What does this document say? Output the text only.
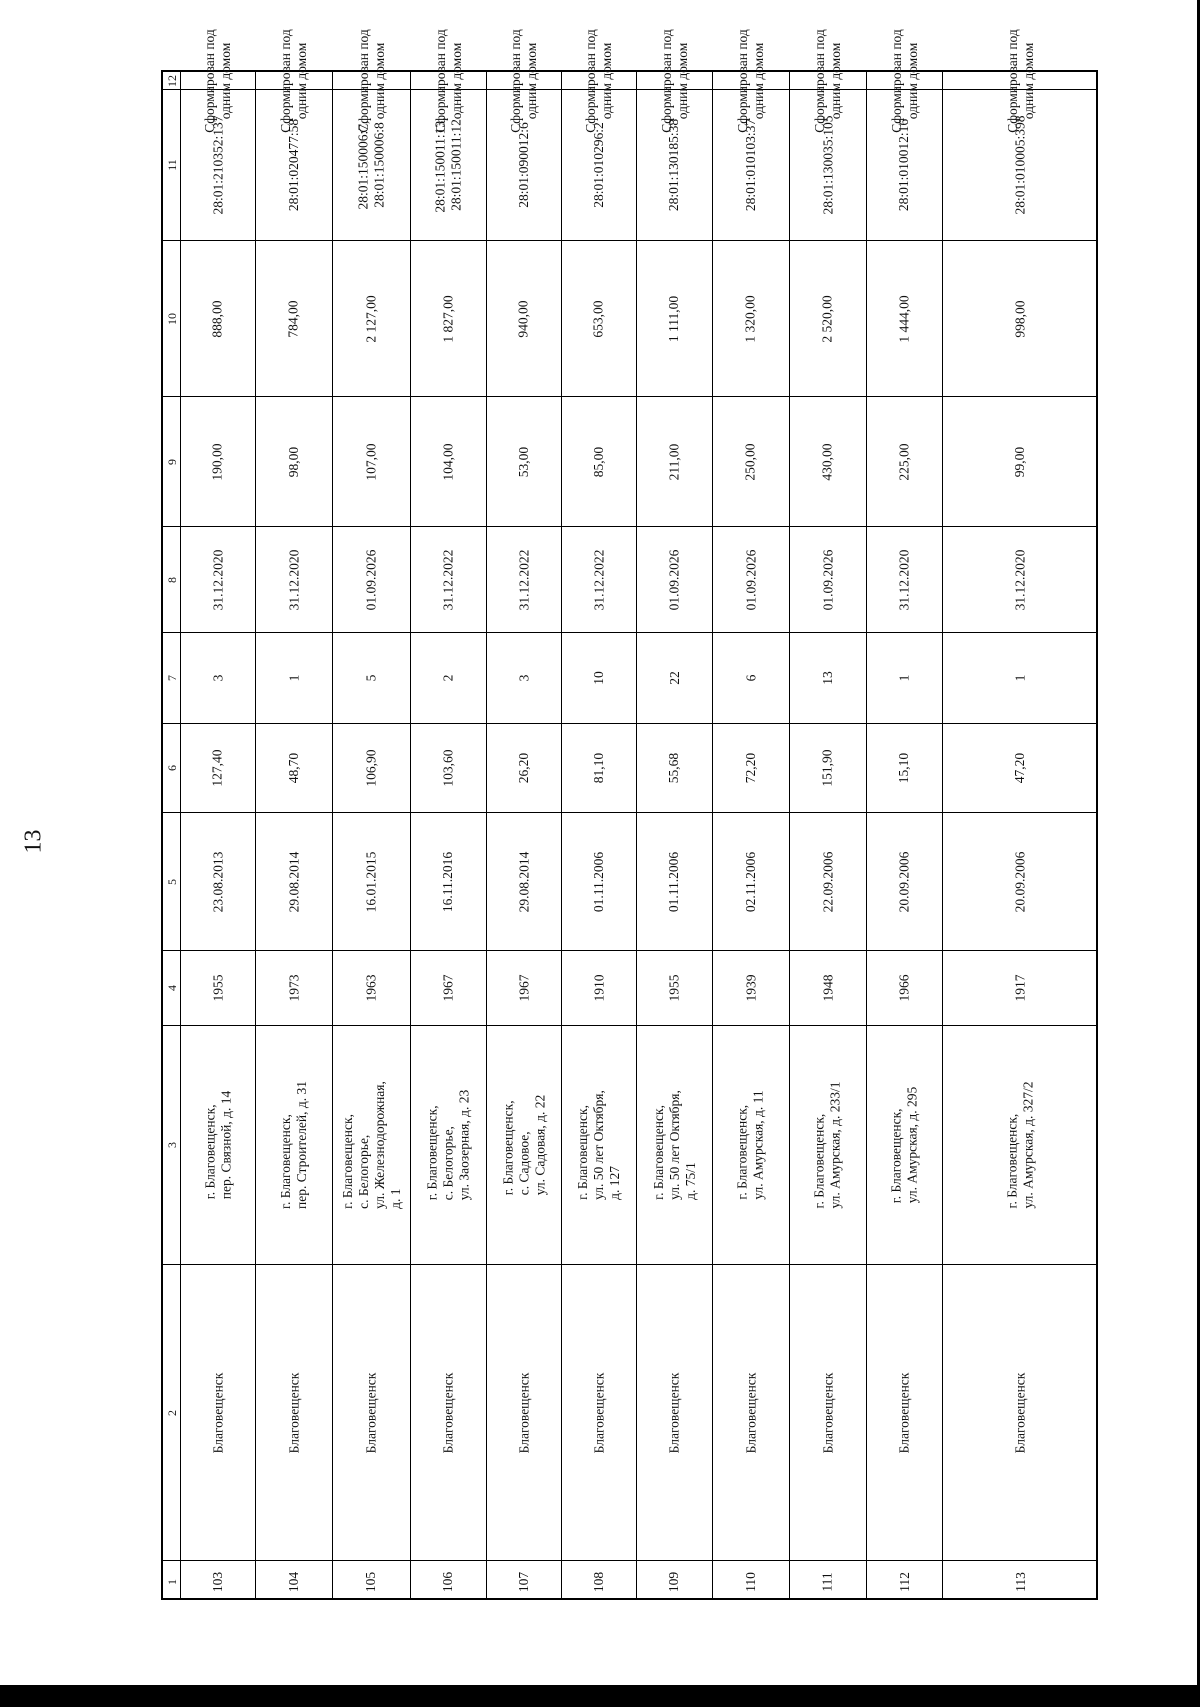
13
1
2
3
4
5
6
7
8
9
10
11
12
103
Благовещенск
г. Благовещенск, пер. Связной, д. 14
1955
23.08.2013
127,40
3
31.12.2020
190,00
888,00
28:01:210352:137
Сформирован под одним домом
104
Благовещенск
г. Благовещенск, пер. Строителей, д. 31
1973
29.08.2014
48,70
1
31.12.2020
98,00
784,00
28:01:020477:58
Сформирован под одним домом
105
Благовещенск
г. Благовещенск, с. Белогорье, ул. Железнодорожная, д. 1
1963
16.01.2015
106,90
5
01.09.2026
107,00
2 127,00
28:01:150006:7, 28:01:150006:8
Сформирован под одним домом
106
Благовещенск
г. Благовещенск, с. Белогорье, ул. Заозерная, д. 23
1967
16.11.2016
103,60
2
31.12.2022
104,00
1 827,00
28:01:150011:13, 28:01:150011:12
Сформирован под одним домом
107
Благовещенск
г. Благовещенск, с. Садовое, ул. Садовая, д. 22
1967
29.08.2014
26,20
3
31.12.2022
53,00
940,00
28:01:090012:6
Сформирован под одним домом
108
Благовещенск
г. Благовещенск, ул. 50 лет Октября, д. 127
1910
01.11.2006
81,10
10
31.12.2022
85,00
653,00
28:01:010296:2
Сформирован под одним домом
109
Благовещенск
г. Благовещенск, ул. 50 лет Октября, д. 75/1
1955
01.11.2006
55,68
22
01.09.2026
211,00
1 111,00
28:01:130185:38
Сформирован под одним домом
110
Благовещенск
г. Благовещенск, ул. Амурская, д. 11
1939
02.11.2006
72,20
6
01.09.2026
250,00
1 320,00
28:01:010103:37
Сформирован под одним домом
111
Благовещенск
г. Благовещенск, ул. Амурская, д. 233/1
1948
22.09.2006
151,90
13
01.09.2026
430,00
2 520,00
28:01:130035:105
Сформирован под одним домом
112
Благовещенск
г. Благовещенск, ул. Амурская, д. 295
1966
20.09.2006
15,10
1
31.12.2020
225,00
1 444,00
28:01:010012:16
Сформирован под одним домом
113
Благовещенск
г. Благовещенск, ул. Амурская, д. 327/2
1917
20.09.2006
47,20
1
31.12.2020
99,00
998,00
28:01:010005:398
Сформирован под одним домом
